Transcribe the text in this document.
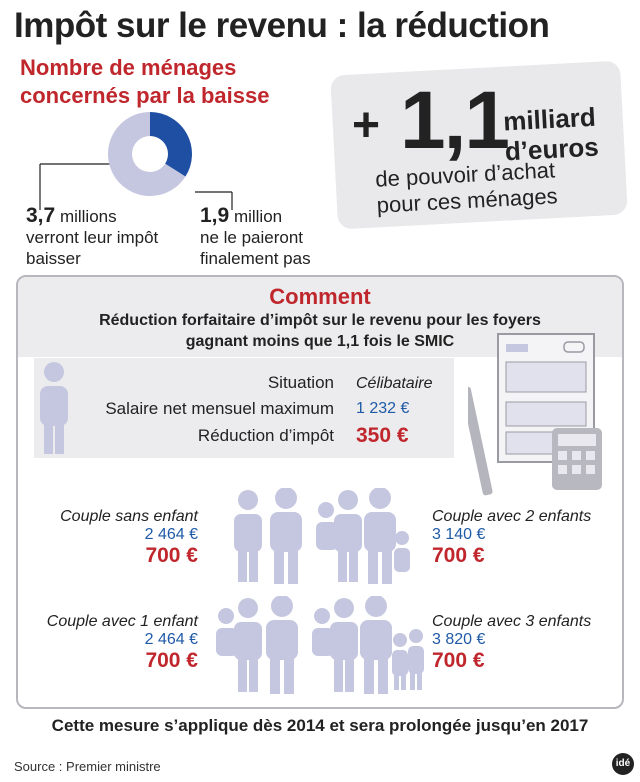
Impôt sur le revenu : la réduction
Nombre de ménages
concernés par la baisse
3,7 millions
verront leur impôt
baisser
1,9 million
ne le paieront
finalement pas
+ 1,1
milliard
d’euros
de pouvoir d’achat
pour ces ménages
Comment
Réduction forfaitaire d’impôt sur le revenu pour les foyers
gagnant moins que 1,1 fois le SMIC
Situation Célibataire
Salaire net mensuel maximum 1 232 €
Réduction d’impôt 350 €
Couple sans enfant
2 464 €
700 €
Couple avec 2 enfants
3 140 €
700 €
Couple avec 1 enfant
2 464 €
700 €
Couple avec 3 enfants
3 820 €
700 €
Cette mesure s’applique dès 2014 et sera prolongée jusqu’en 2017
Source : Premier ministre	idé
